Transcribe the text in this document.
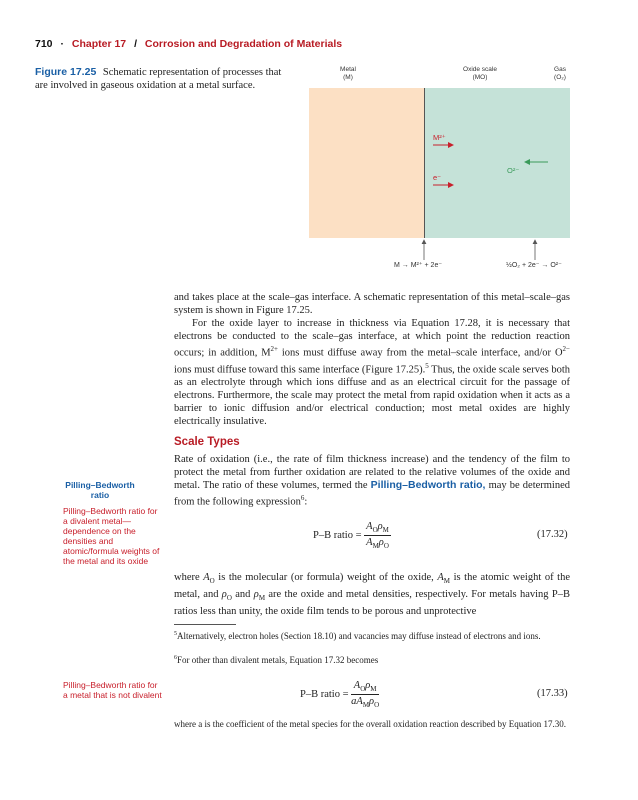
710 · Chapter 17 / Corrosion and Degradation of Materials
Figure 17.25 Schematic representation of processes that are involved in gaseous oxidation at a metal surface.
Metal
(M)
Oxide scale
(MO)
Gas
(O₂)
M²⁺
e⁻
O²⁻
M → M²⁺ + 2e⁻	½O₂ + 2e⁻ → O²⁻

and takes place at the scale–gas interface. A schematic representation of this metal–scale–gas system is shown in Figure 17.25.

For the oxide layer to increase in thickness via Equation 17.28, it is necessary that electrons be conducted to the scale–gas interface, at which point the reduction reaction occurs; in addition, $M^{2+}$ ions must diffuse away from the metal–scale interface, and/or $O^{2-}$ ions must diffuse toward this same interface (Figure 17.25).$^5$ Thus, the oxide scale serves both as an electrolyte through which ions diffuse and as an electrical circuit for the passage of electrons. Furthermore, the scale may protect the metal from rapid oxidation when it acts as a barrier to ionic diffusion and/or electrical conduction; most metal oxides are highly electrically insulative.

Scale Types

Rate of oxidation (i.e., the rate of film thickness increase) and the tendency of the film to protect the metal from further oxidation are related to the relative volumes of the oxide and metal. The ratio of these volumes, termed the Pilling–Bedworth ratio, may be determined from the following expression$^6$:

Pilling–Bedworth ratio
Pilling–Bedworth ratio for a divalent metal—dependence on the densities and atomic/formula weights of the metal and its oxide
Pilling–Bedworth ratio for a metal that is not divalent
P–B ratio = $\frac{A_O\rho_M}{A_M\rho_O}$	(17.32)

where $A_O$ is the molecular (or formula) weight of the oxide, $A_M$ is the atomic weight of the metal, and $\rho_O$ and $\rho_M$ are the oxide and metal densities, respectively. For metals having P–B ratios less than unity, the oxide film tends to be porous and unprotective

$^5$Alternatively, electron holes (Section 18.10) and vacancies may diffuse instead of electrons and ions.
$^6$For other than divalent metals, Equation 17.32 becomes
P–B ratio = $\frac{A_O\rho_M}{aA_M\rho_O}$	(17.33)
where a is the coefficient of the metal species for the overall oxidation reaction described by Equation 17.30.
